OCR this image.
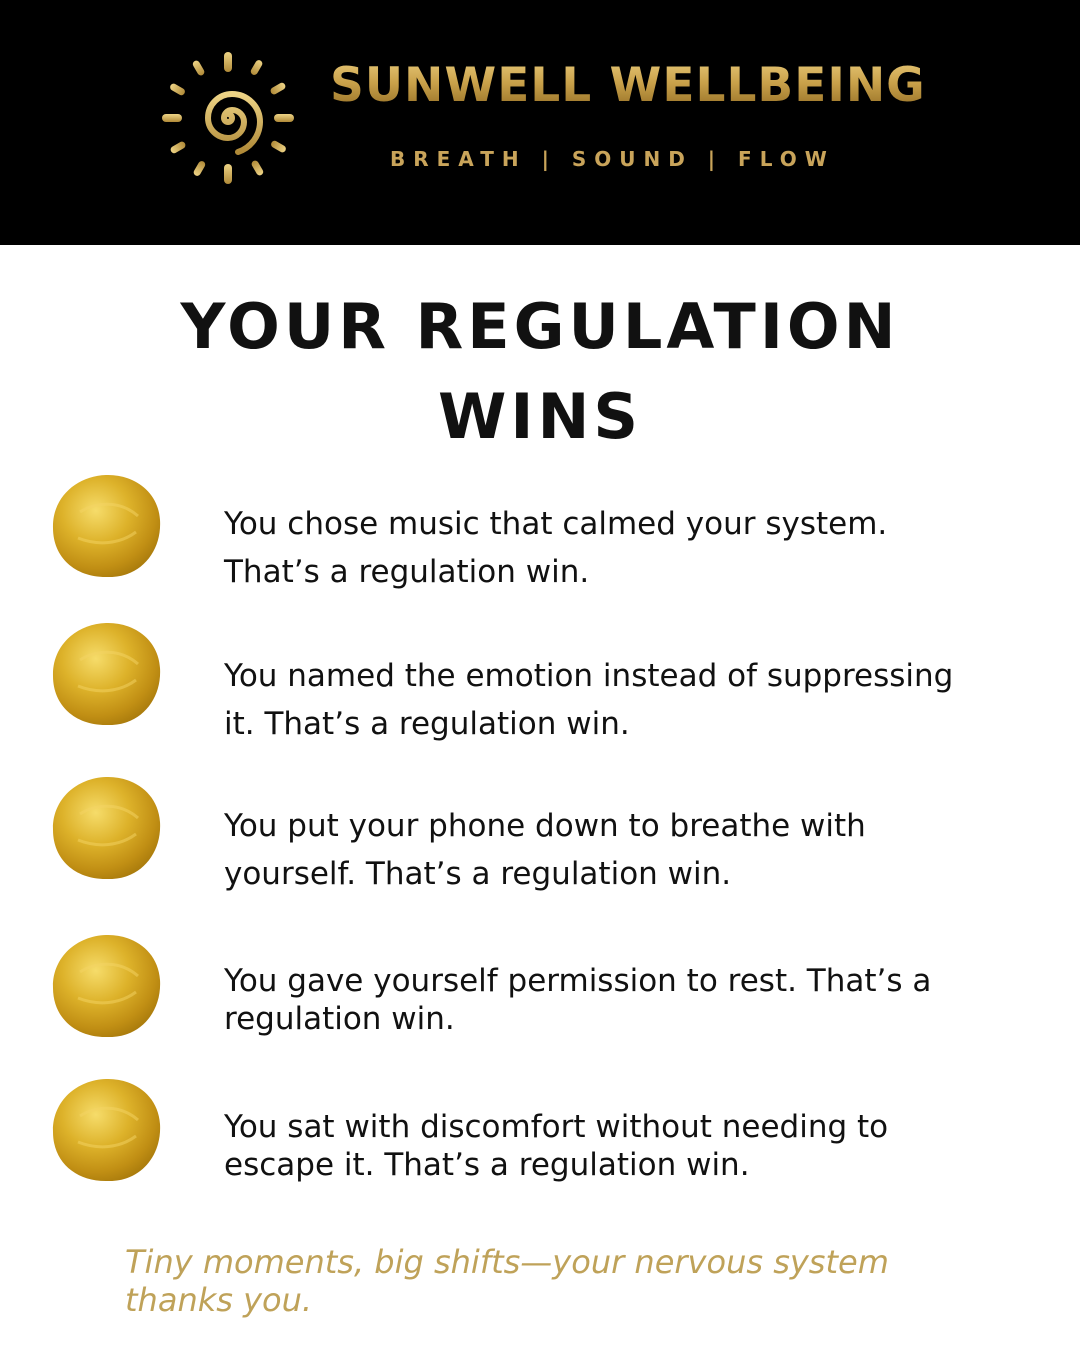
SUNWELL WELLBEING
BREATH | SOUND | FLOW
YOUR REGULATION
WINS
You chose music that calmed your system.
That’s a regulation win.
You named the emotion instead of suppressing
it. That’s a regulation win.
You put your phone down to breathe with
yourself. That’s a regulation win.
You gave yourself permission to rest. That’s a
regulation win.
You sat with discomfort without needing to
escape it. That’s a regulation win.
Tiny moments, big shifts—your nervous system
thanks you.
